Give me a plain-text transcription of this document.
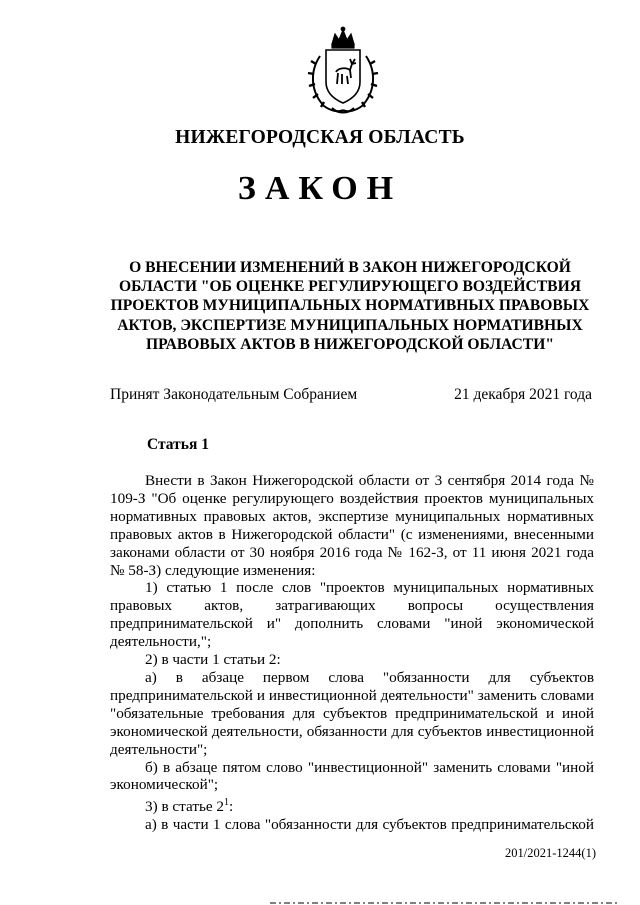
НИЖЕГОРОДСКАЯ ОБЛАСТЬ
ЗАКОН
О ВНЕСЕНИИ ИЗМЕНЕНИЙ В ЗАКОН НИЖЕГОРОДСКОЙ
ОБЛАСТИ "ОБ ОЦЕНКЕ РЕГУЛИРУЮЩЕГО ВОЗДЕЙСТВИЯ
ПРОЕКТОВ МУНИЦИПАЛЬНЫХ НОРМАТИВНЫХ ПРАВОВЫХ
АКТОВ, ЭКСПЕРТИЗЕ МУНИЦИПАЛЬНЫХ НОРМАТИВНЫХ
ПРАВОВЫХ АКТОВ В НИЖЕГОРОДСКОЙ ОБЛАСТИ"
Принят Законодательным Собранием	21 декабря 2021 года
Статья 1

Внести в Закон Нижегородской области от 3 сентября 2014 года № 109-З "Об оценке регулирующего воздействия проектов муниципальных нормативных правовых актов, экспертизе муниципальных нормативных правовых актов в Нижегородской области" (с изменениями, внесенными законами области от 30 ноября 2016 года № 162-З, от 11 июня 2021 года № 58-З) следующие изменения:

1) статью 1 после слов "проектов муниципальных нормативных правовых актов, затрагивающих вопросы осуществления предпринимательской и" дополнить словами "иной экономической деятельности,";

2) в части 1 статьи 2:

а) в абзаце первом слова "обязанности для субъектов предпринимательской и инвестиционной деятельности" заменить словами "обязательные требования для субъектов предпринимательской и иной экономической деятельности, обязанности для субъектов инвестиционной деятельности";

б) в абзаце пятом слово "инвестиционной" заменить словами "иной экономической";

3) в статье $2^1$:

а) в части 1 слова "обязанности для субъектов предпринимательской

201/2021-1244(1)
